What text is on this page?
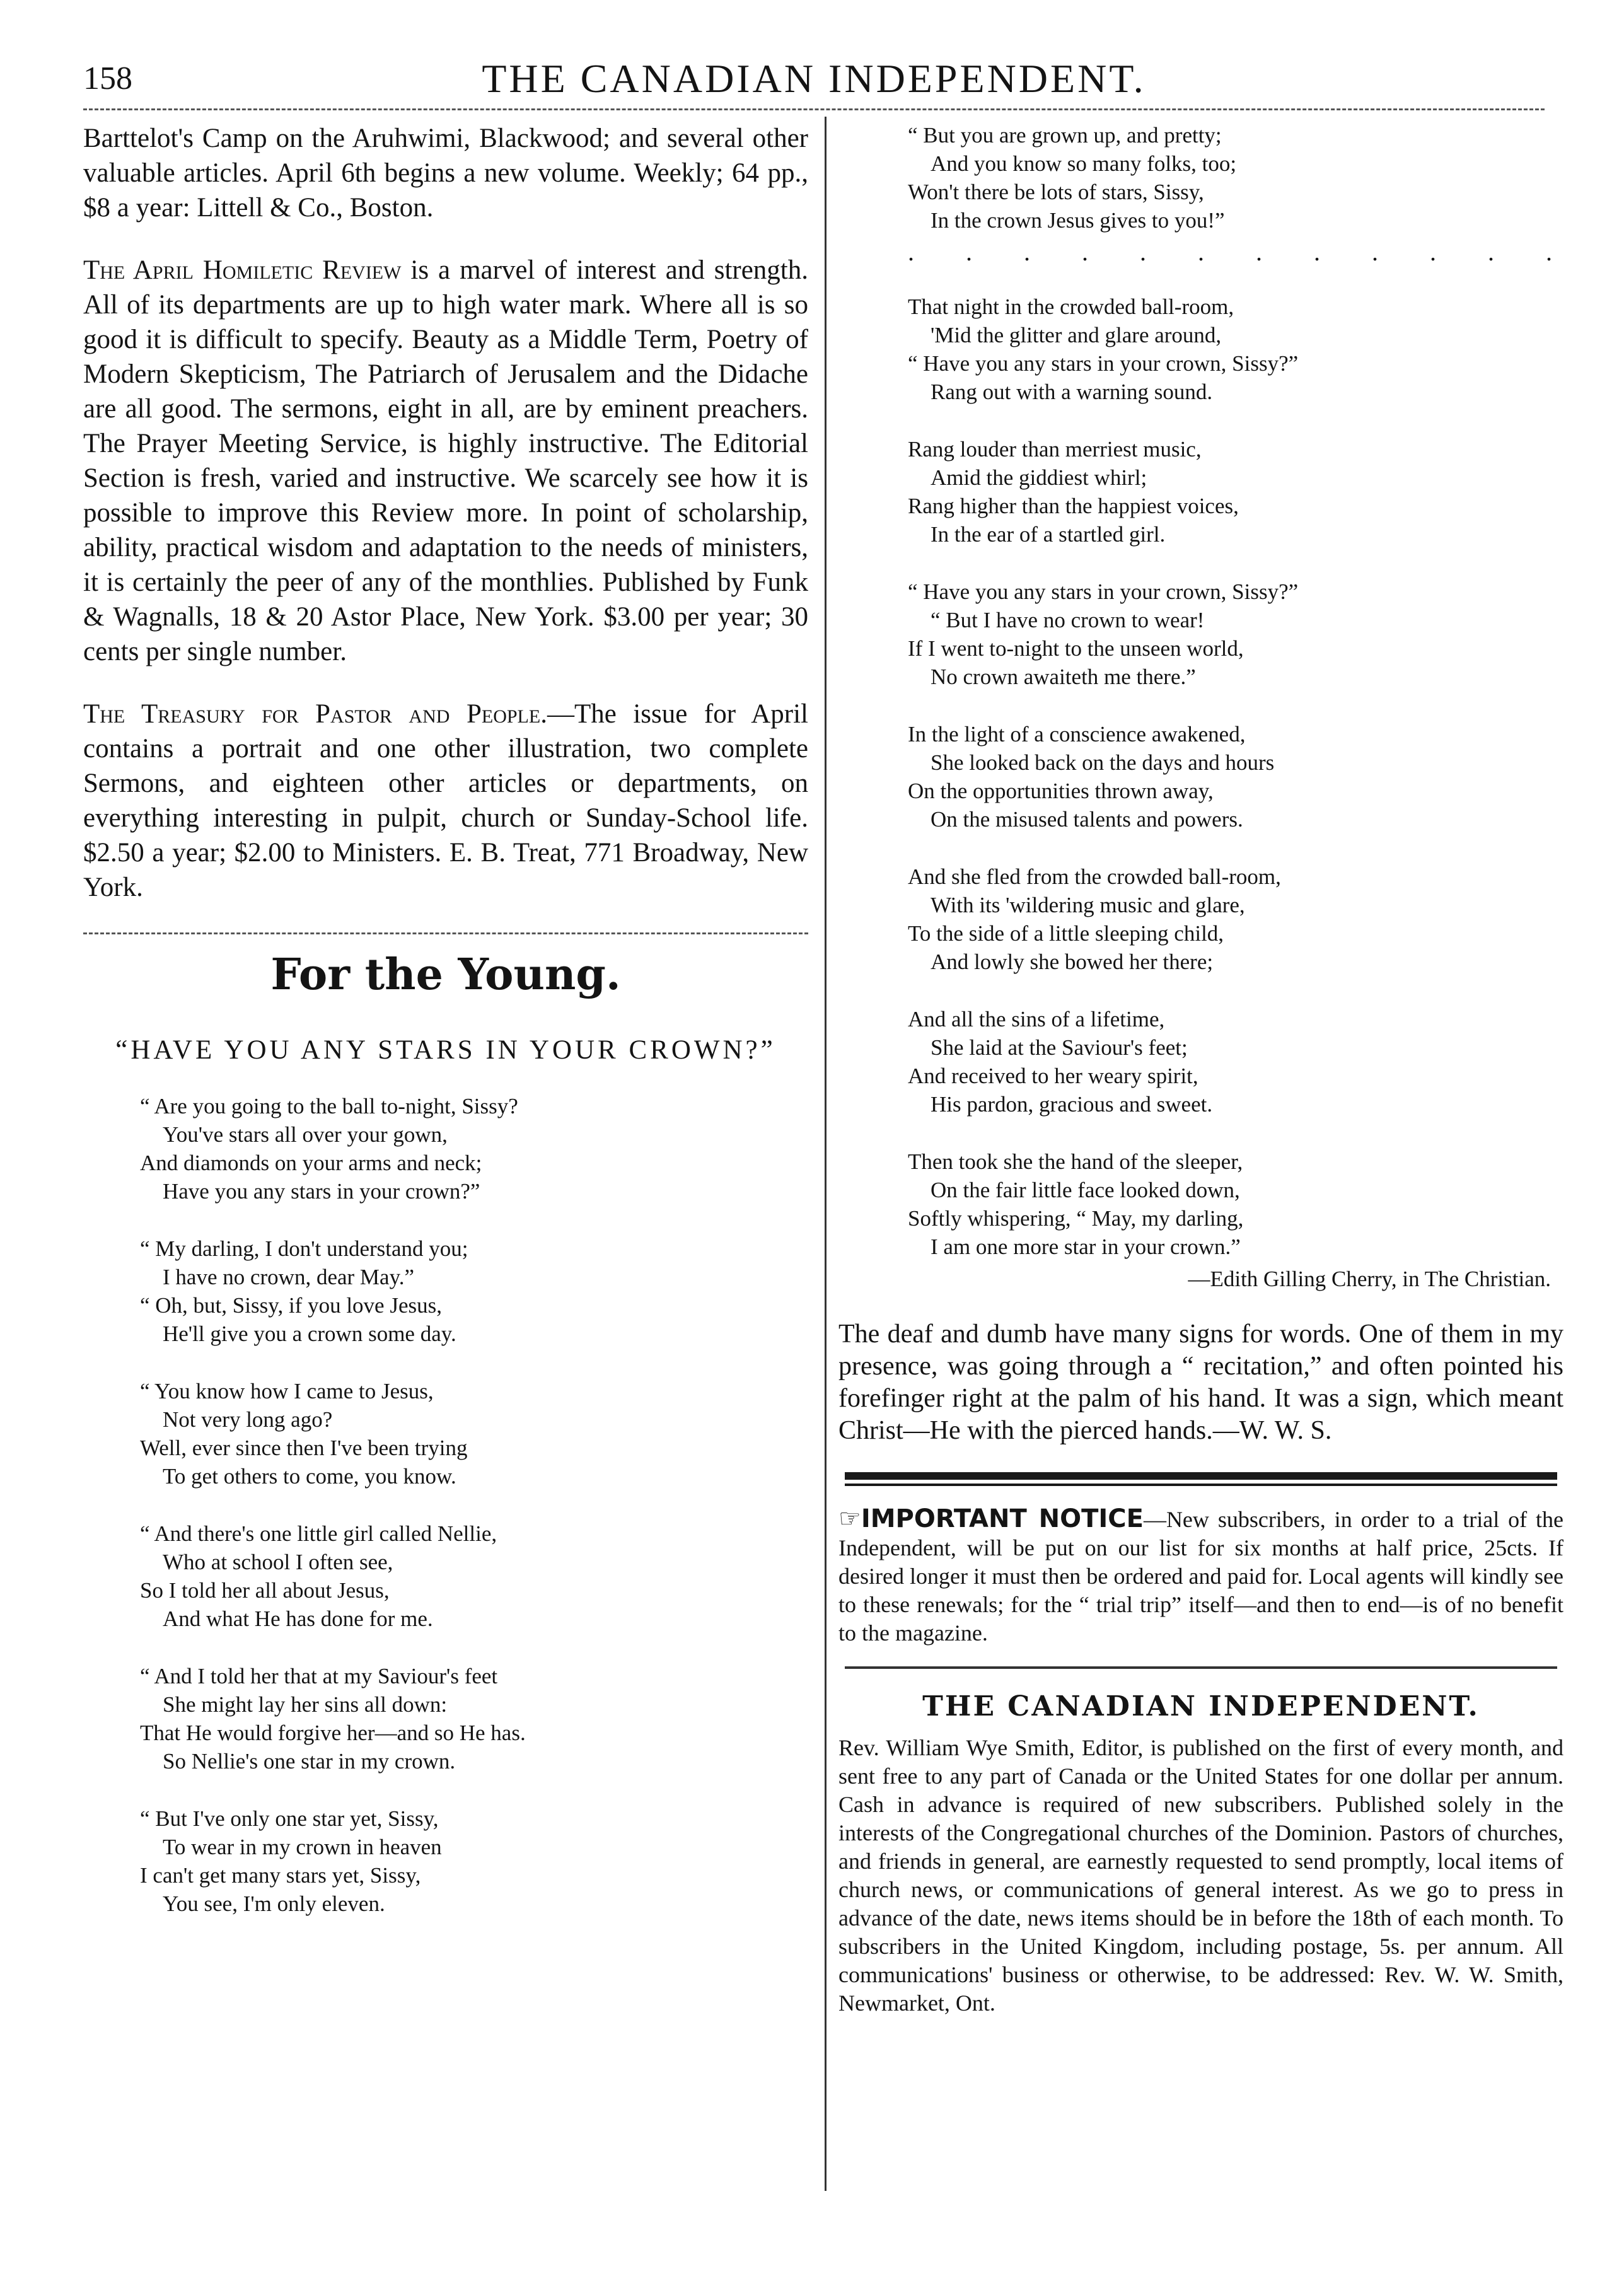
158	THE CANADIAN INDEPENDENT.

Barttelot's Camp on the Aruhwimi, Blackwood; and several other valuable articles. April 6th begins a new volume. Weekly; 64 pp., $8 a year: Littell & Co., Boston.

The April Homiletic Review is a marvel of interest and strength. All of its departments are up to high water mark. Where all is so good it is difficult to specify. Beauty as a Middle Term, Poetry of Modern Skepticism, The Patriarch of Jerusalem and the Didache are all good. The sermons, eight in all, are by eminent preachers. The Prayer Meeting Service, is highly instructive. The Editorial Section is fresh, varied and instructive. We scarcely see how it is possible to improve this Review more. In point of scholarship, ability, practical wisdom and adaptation to the needs of ministers, it is certainly the peer of any of the monthlies. Published by Funk & Wagnalls, 18 & 20 Astor Place, New York. $3.00 per year; 30 cents per single number.

The Treasury for Pastor and People.—The issue for April contains a portrait and one other illustration, two complete Sermons, and eighteen other articles or departments, on everything interesting in pulpit, church or Sunday-School life. $2.50 a year; $2.00 to Ministers. E. B. Treat, 771 Broadway, New York.

For the Young.
“HAVE YOU ANY STARS IN YOUR CROWN?”
“ Are you going to the ball to-night, Sissy?
You've stars all over your gown,
And diamonds on your arms and neck;
Have you any stars in your crown?”
“ My darling, I don't understand you;
I have no crown, dear May.”
“ Oh, but, Sissy, if you love Jesus,
He'll give you a crown some day.
“ You know how I came to Jesus,
Not very long ago?
Well, ever since then I've been trying
To get others to come, you know.
“ And there's one little girl called Nellie,
Who at school I often see,
So I told her all about Jesus,
And what He has done for me.
“ And I told her that at my Saviour's feet
She might lay her sins all down:
That He would forgive her—and so He has.
So Nellie's one star in my crown.
“ But I've only one star yet, Sissy,
To wear in my crown in heaven
I can't get many stars yet, Sissy,
You see, I'm only eleven.
“ But you are grown up, and pretty;
And you know so many folks, too;
Won't there be lots of stars, Sissy,
In the crown Jesus gives to you!”
. . . . . . . . . . . .
That night in the crowded ball-room,
'Mid the glitter and glare around,
“ Have you any stars in your crown, Sissy?”
Rang out with a warning sound.
Rang louder than merriest music,
Amid the giddiest whirl;
Rang higher than the happiest voices,
In the ear of a startled girl.
“ Have you any stars in your crown, Sissy?”
“ But I have no crown to wear!
If I went to-night to the unseen world,
No crown awaiteth me there.”
In the light of a conscience awakened,
She looked back on the days and hours
On the opportunities thrown away,
On the misused talents and powers.
And she fled from the crowded ball-room,
With its 'wildering music and glare,
To the side of a little sleeping child,
And lowly she bowed her there;
And all the sins of a lifetime,
She laid at the Saviour's feet;
And received to her weary spirit,
His pardon, gracious and sweet.
Then took she the hand of the sleeper,
On the fair little face looked down,
Softly whispering, “ May, my darling,
I am one more star in your crown.”
—Edith Gilling Cherry, in The Christian.

The deaf and dumb have many signs for words. One of them in my presence, was going through a “ recitation,” and often pointed his forefinger right at the palm of his hand. It was a sign, which meant Christ—He with the pierced hands.—W. W. S.

☞IMPORTANT NOTICE—New subscribers, in order to a trial of the Independent, will be put on our list for six months at half price, 25cts. If desired longer it must then be ordered and paid for. Local agents will kindly see to these renewals; for the “ trial trip” itself—and then to end—is of no benefit to the magazine.

THE CANADIAN INDEPENDENT.

Rev. William Wye Smith, Editor, is published on the first of every month, and sent free to any part of Canada or the United States for one dollar per annum. Cash in advance is required of new subscribers. Published solely in the interests of the Congregational churches of the Dominion. Pastors of churches, and friends in general, are earnestly requested to send promptly, local items of church news, or communications of general interest. As we go to press in advance of the date, news items should be in before the 18th of each month. To subscribers in the United Kingdom, including postage, 5s. per annum. All communications' business or otherwise, to be addressed: Rev. W. W. Smith, Newmarket, Ont.
